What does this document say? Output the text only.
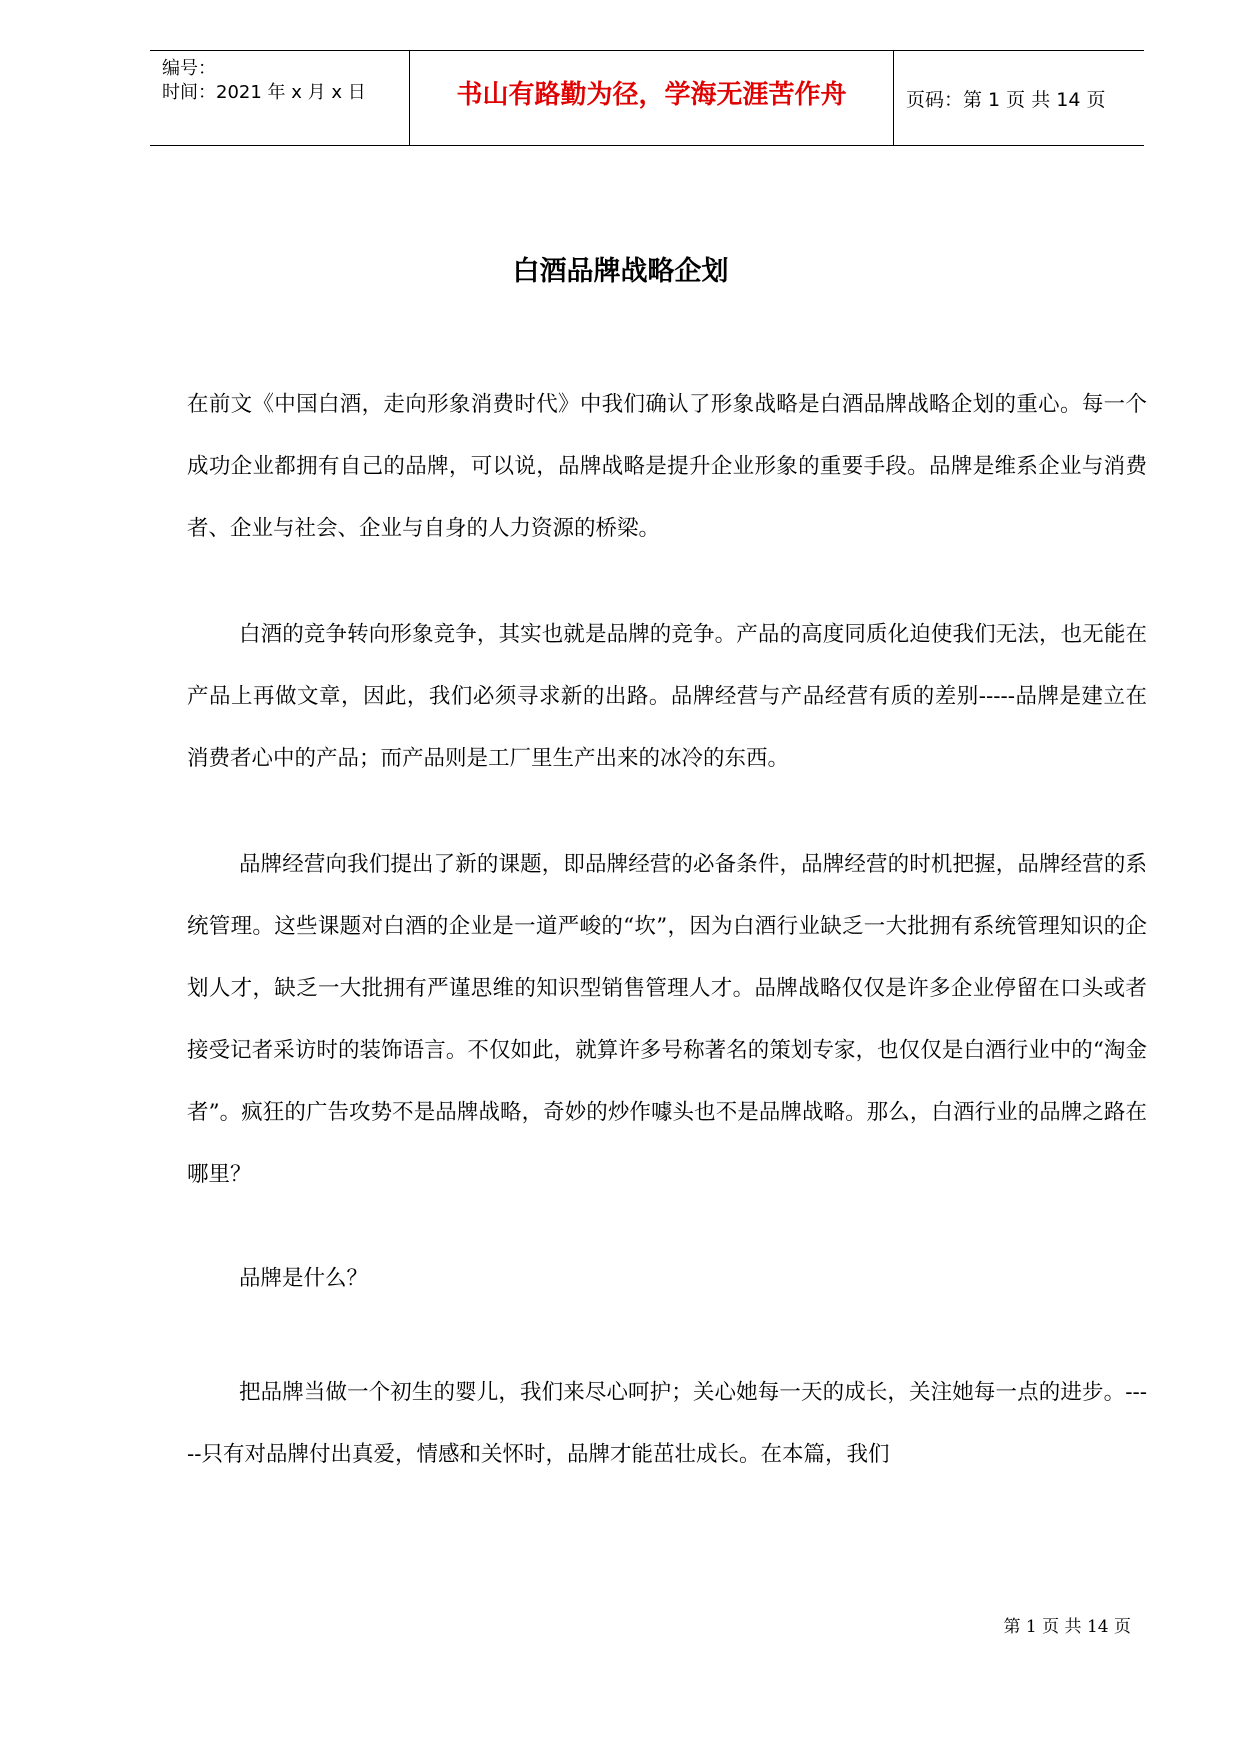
编号：
时间：2021 年 x 月 x 日	书山有路勤为径，学海无涯苦作舟	页码：第 1 页 共 14 页
白酒品牌战略企划

在前文《中国白酒，走向形象消费时代》中我们确认了形象战略是白酒品牌战略企划的重心。每一个成功企业都拥有自己的品牌，可以说，品牌战略是提升企业形象的重要手段。品牌是维系企业与消费者、企业与社会、企业与自身的人力资源的桥梁。

白酒的竞争转向形象竞争，其实也就是品牌的竞争。产品的高度同质化迫使我们无法，也无能在产品上再做文章，因此，我们必须寻求新的出路。品牌经营与产品经营有质的差别-----品牌是建立在消费者心中的产品；而产品则是工厂里生产出来的冰冷的东西。

品牌经营向我们提出了新的课题，即品牌经营的必备条件，品牌经营的时机把握，品牌经营的系统管理。这些课题对白酒的企业是一道严峻的“坎”，因为白酒行业缺乏一大批拥有系统管理知识的企划人才，缺乏一大批拥有严谨思维的知识型销售管理人才。品牌战略仅仅是许多企业停留在口头或者接受记者采访时的装饰语言。不仅如此，就算许多号称著名的策划专家，也仅仅是白酒行业中的“淘金者”。疯狂的广告攻势不是品牌战略，奇妙的炒作噱头也不是品牌战略。那么，白酒行业的品牌之路在哪里？

品牌是什么？

把品牌当做一个初生的婴儿，我们来尽心呵护；关心她每一天的成长，关注她每一点的进步。-----只有对品牌付出真爱，情感和关怀时，品牌才能茁壮成长。在本篇，我们

第 1 页 共 14 页
